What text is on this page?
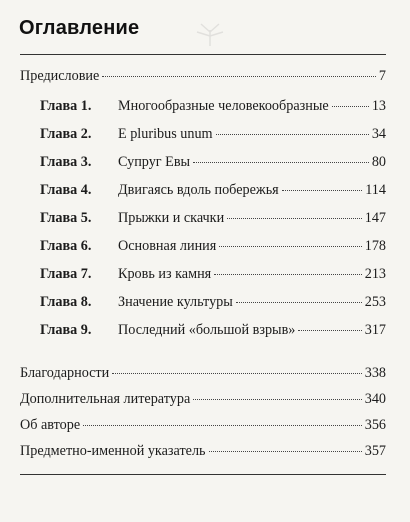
Оглавление
Предисловие	7
Глава 1. Многообразные человекообразные	13
Глава 2. E pluribus unum	34
Глава 3. Супруг Евы	80
Глава 4. Двигаясь вдоль побережья	114
Глава 5. Прыжки и скачки	147
Глава 6. Основная линия	178
Глава 7. Кровь из камня	213
Глава 8. Значение культуры	253
Глава 9. Последний «большой взрыв»	317
Благодарности	338
Дополнительная литература	340
Об авторе	356
Предметно-именной указатель	357
